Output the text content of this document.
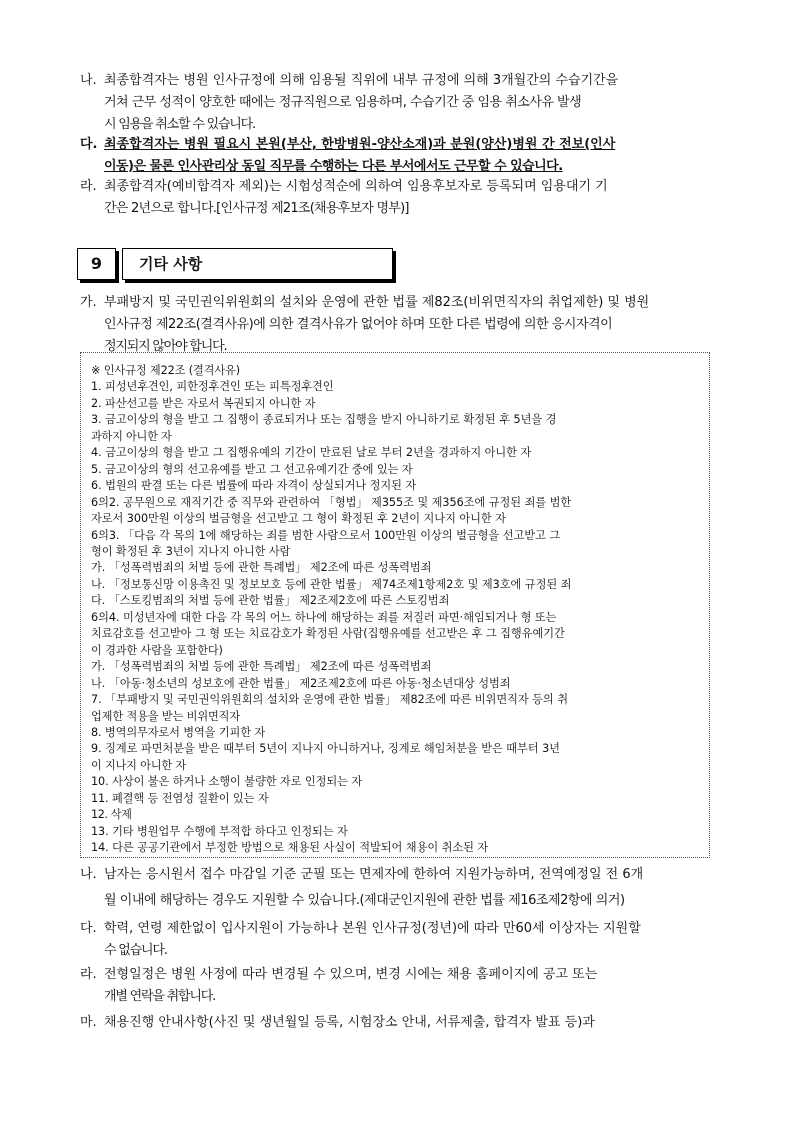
나. 최종합격자는 병원 인사규정에 의해 임용될 직위에 내부 규정에 의해 3개월간의 수습기간을
거쳐 근무 성적이 양호한 때에는 정규직원으로 임용하며, 수습기간 중 임용 취소사유 발생
시 임용을 취소할 수 있습니다.
다. 최종합격자는 병원 필요시 본원(부산, 한방병원-양산소재)과 분원(양산)병원 간 전보(인사
이동)은 물론 인사관리상 동일 직무를 수행하는 다른 부서에서도 근무할 수 있습니다.
라. 최종합격자(예비합격자 제외)는 시험성적순에 의하여 임용후보자로 등록되며 임용대기 기
간은 2년으로 합니다.[인사규정 제21조(채용후보자 명부)]
9	기타 사항
가. 부패방지 및 국민권익위원회의 설치와 운영에 관한 법률 제82조(비위면직자의 취업제한) 및 병원
인사규정 제22조(결격사유)에 의한 결격사유가 없어야 하며 또한 다른 법령에 의한 응시자격이
정지되지 않아야 합니다.
※ 인사규정 제22조 (결격사유)
1. 피성년후견인, 피한정후견인 또는 피특정후견인
2. 파산선고를 받은 자로서 복권되지 아니한 자
3. 금고이상의 형을 받고 그 집행이 종료되거나 또는 집행을 받지 아니하기로 확정된 후 5년을 경
과하지 아니한 자
4. 금고이상의 형을 받고 그 집행유예의 기간이 만료된 날로 부터 2년을 경과하지 아니한 자
5. 금고이상의 형의 선고유예를 받고 그 선고유예기간 중에 있는 자
6. 법원의 판결 또는 다른 법률에 따라 자격이 상실되거나 정지된 자
6의2. 공무원으로 재직기간 중 직무와 관련하여 「형법」 제355조 및 제356조에 규정된 죄를 범한
자로서 300만원 이상의 벌금형을 선고받고 그 형이 확정된 후 2년이 지나지 아니한 자
6의3. 「다음 각 목의 1에 해당하는 죄를 범한 사람으로서 100만원 이상의 벌금형을 선고받고 그
형이 확정된 후 3년이 지나지 아니한 사람
가. 「성폭력범죄의 처벌 등에 관한 특례법」 제2조에 따른 성폭력범죄
나. 「정보통신망 이용촉진 및 정보보호 등에 관한 법률」 제74조제1항제2호 및 제3호에 규정된 죄
다. 「스토킹범죄의 처벌 등에 관한 법률」 제2조제2호에 따른 스토킹범죄
6의4. 미성년자에 대한 다음 각 목의 어느 하나에 해당하는 죄를 저질러 파면·해임되거나 형 또는
치료감호를 선고받아 그 형 또는 치료감호가 확정된 사람(집행유예를 선고받은 후 그 집행유예기간
이 경과한 사람을 포함한다)
가. 「성폭력범죄의 처벌 등에 관한 특례법」 제2조에 따른 성폭력범죄
나. 「아동·청소년의 성보호에 관한 법률」 제2조제2호에 따른 아동·청소년대상 성범죄
7. 「부패방지 및 국민권익위원회의 설치와 운영에 관한 법률」 제82조에 따른 비위면직자 등의 취
업제한 적용을 받는 비위면직자
8. 병역의무자로서 병역을 기피한 자
9. 징계로 파면처분을 받은 때부터 5년이 지나지 아니하거나, 징계로 해임처분을 받은 때부터 3년
이 지나지 아니한 자
10. 사상이 불온 하거나 소행이 불량한 자로 인정되는 자
11. 폐결핵 등 전염성 질환이 있는 자
12. 삭제
13. 기타 병원업무 수행에 부적합 하다고 인정되는 자
14. 다른 공공기관에서 부정한 방법으로 채용된 사실이 적발되어 채용이 취소된 자
나. 남자는 응시원서 접수 마감일 기준 군필 또는 면제자에 한하여 지원가능하며, 전역예정일 전 6개
월 이내에 해당하는 경우도 지원할 수 있습니다.(제대군인지원에 관한 법률 제16조제2항에 의거)
다. 학력, 연령 제한없이 입사지원이 가능하나 본원 인사규정(정년)에 따라 만60세 이상자는 지원할
수 없습니다.
라. 전형일정은 병원 사정에 따라 변경될 수 있으며, 변경 시에는 채용 홈페이지에 공고 또는
개별 연락을 취합니다.
마. 채용진행 안내사항(사진 및 생년월일 등록, 시험장소 안내, 서류제출, 합격자 발표 등)과
